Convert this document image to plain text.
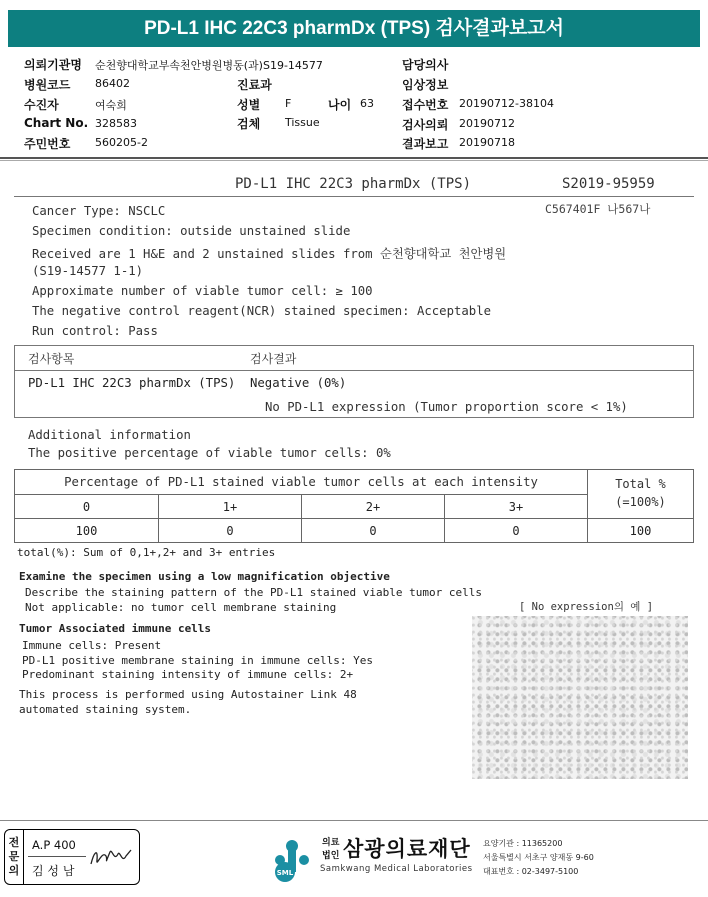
PD-L1 IHC 22C3 pharmDx (TPS) 검사결과보고서
의뢰기관명 순천향대학교부속천안병원병동(과)S19-14577	담당의사
병원코드 86402	진료과	임상정보
수진자	여숙희	성별 F	나이 63 접수번호 20190712-38104
Chart No. 328583	검체 Tissue	검사의뢰 20190712
주민번호 560205-2	결과보고 20190718
PD-L1 IHC 22C3 pharmDx (TPS)	S2019-95959
C567401F 나567나
Cancer Type: NSCLC
Specimen condition: outside unstained slide
Received are 1 H&E and 2 unstained slides from 순천향대학교 천안병원
(S19-14577 1-1)
Approximate number of viable tumor cell: ≥ 100
The negative control reagent(NCR) stained specimen: Acceptable
Run control: Pass
검사항목	검사결과
PD-L1 IHC 22C3 pharmDx (TPS) Negative (0%)
No PD-L1 expression (Tumor proportion score < 1%)
Additional information
The positive percentage of viable tumor cells: 0%
Percentage of PD-L1 stained viable tumor cells at each intensity	Total %
(=100%)
0	1+	2+	3+
100	0	0	0	100
total(%): Sum of 0,1+,2+ and 3+ entries
Examine the specimen using a low magnification objective
Describe the staining pattern of the PD-L1 stained viable tumor cells
Not applicable: no tumor cell membrane staining	[ No expression의 예 ]
Tumor Associated immune cells
Immune cells: Present
PD-L1 positive membrane staining in immune cells: Yes
Predominant staining intensity of immune cells: 2+
This process is performed using Autostainer Link 48
automated staining system.
전문의
A.P 400
김 성 남	SML
의료
법인 삼광의료재단
Samkwang Medical Laboratories
요양기관 : 11365200
서울특별시 서초구 양재동 9-60
대표번호 : 02-3497-5100
